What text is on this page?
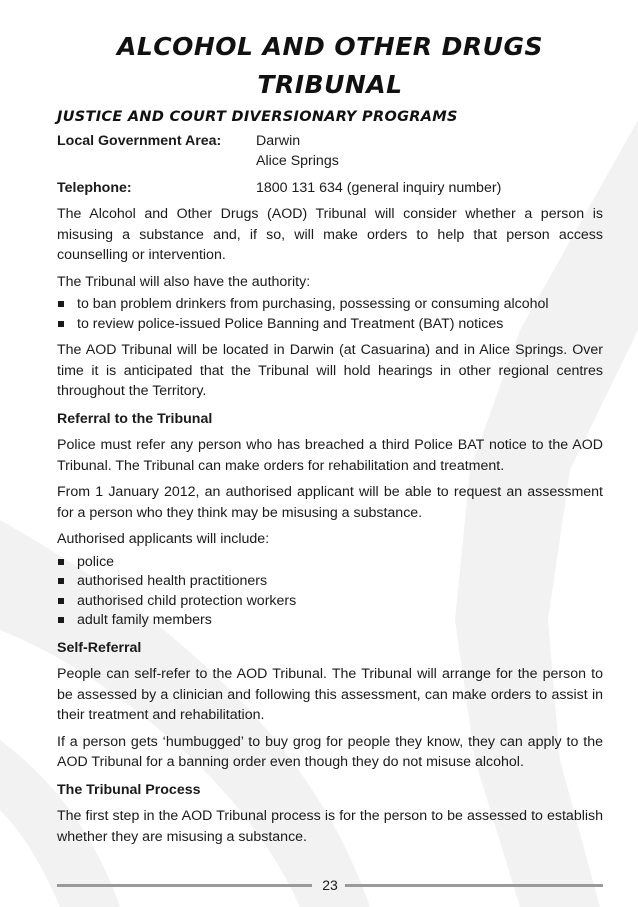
ALCOHOL AND OTHER DRUGS TRIBUNAL
JUSTICE AND COURT DIVERSIONARY PROGRAMS
Local Government Area:	Darwin
Alice Springs
Telephone:	1800 131 634 (general inquiry number)

The Alcohol and Other Drugs (AOD) Tribunal will consider whether a person is misusing a substance and, if so, will make orders to help that person access counselling or intervention.

The Tribunal will also have the authority:

to ban problem drinkers from purchasing, possessing or consuming alcohol
to review police-issued Police Banning and Treatment (BAT) notices

The AOD Tribunal will be located in Darwin (at Casuarina) and in Alice Springs. Over time it is anticipated that the Tribunal will hold hearings in other regional centres throughout the Territory.

Referral to the Tribunal

Police must refer any person who has breached a third Police BAT notice to the AOD Tribunal. The Tribunal can make orders for rehabilitation and treatment.

From 1 January 2012, an authorised applicant will be able to request an assessment for a person who they think may be misusing a substance.

Authorised applicants will include:

police
authorised health practitioners
authorised child protection workers
adult family members

Self-Referral

People can self-refer to the AOD Tribunal. The Tribunal will arrange for the person to be assessed by a clinician and following this assessment, can make orders to assist in their treatment and rehabilitation.

If a person gets ‘humbugged’ to buy grog for people they know, they can apply to the AOD Tribunal for a banning order even though they do not misuse alcohol.

The Tribunal Process

The first step in the AOD Tribunal process is for the person to be assessed to establish whether they are misusing a substance.

23
